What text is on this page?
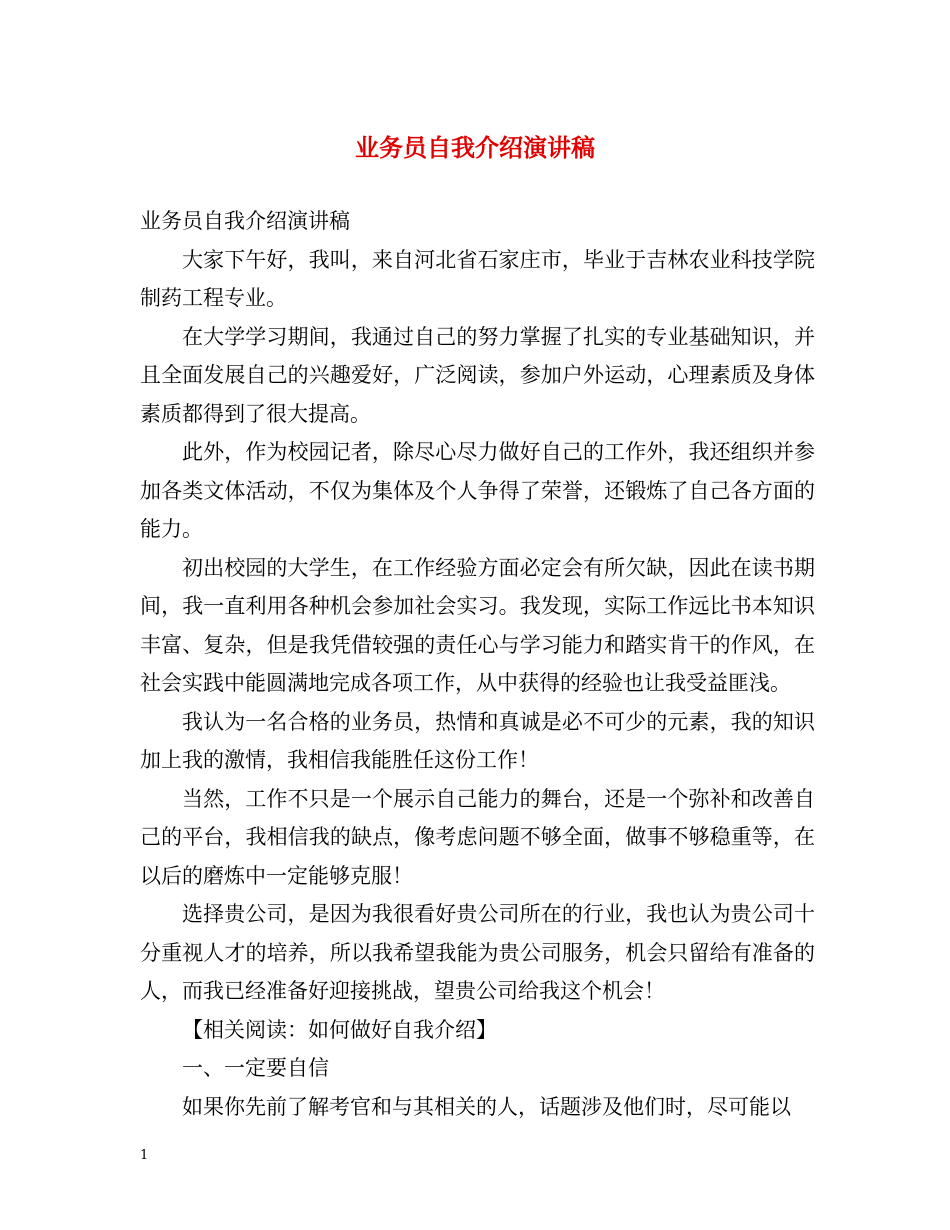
业务员自我介绍演讲稿

业务员自我介绍演讲稿

大家下午好，我叫，来自河北省石家庄市，毕业于吉林农业科技学院制药工程专业。

在大学学习期间，我通过自己的努力掌握了扎实的专业基础知识，并且全面发展自己的兴趣爱好，广泛阅读，参加户外运动，心理素质及身体素质都得到了很大提高。

此外，作为校园记者，除尽心尽力做好自己的工作外，我还组织并参加各类文体活动，不仅为集体及个人争得了荣誉，还锻炼了自己各方面的能力。

初出校园的大学生，在工作经验方面必定会有所欠缺，因此在读书期间，我一直利用各种机会参加社会实习。我发现，实际工作远比书本知识丰富、复杂，但是我凭借较强的责任心与学习能力和踏实肯干的作风，在社会实践中能圆满地完成各项工作，从中获得的经验也让我受益匪浅。

我认为一名合格的业务员，热情和真诚是必不可少的元素，我的知识加上我的激情，我相信我能胜任这份工作！

当然，工作不只是一个展示自己能力的舞台，还是一个弥补和改善自己的平台，我相信我的缺点，像考虑问题不够全面，做事不够稳重等，在以后的磨炼中一定能够克服！

选择贵公司，是因为我很看好贵公司所在的行业，我也认为贵公司十分重视人才的培养，所以我希望我能为贵公司服务，机会只留给有准备的人，而我已经准备好迎接挑战，望贵公司给我这个机会！

【相关阅读：如何做好自我介绍】

一、一定要自信

如果你先前了解考官和与其相关的人，话题涉及他们时，尽可能以

1
